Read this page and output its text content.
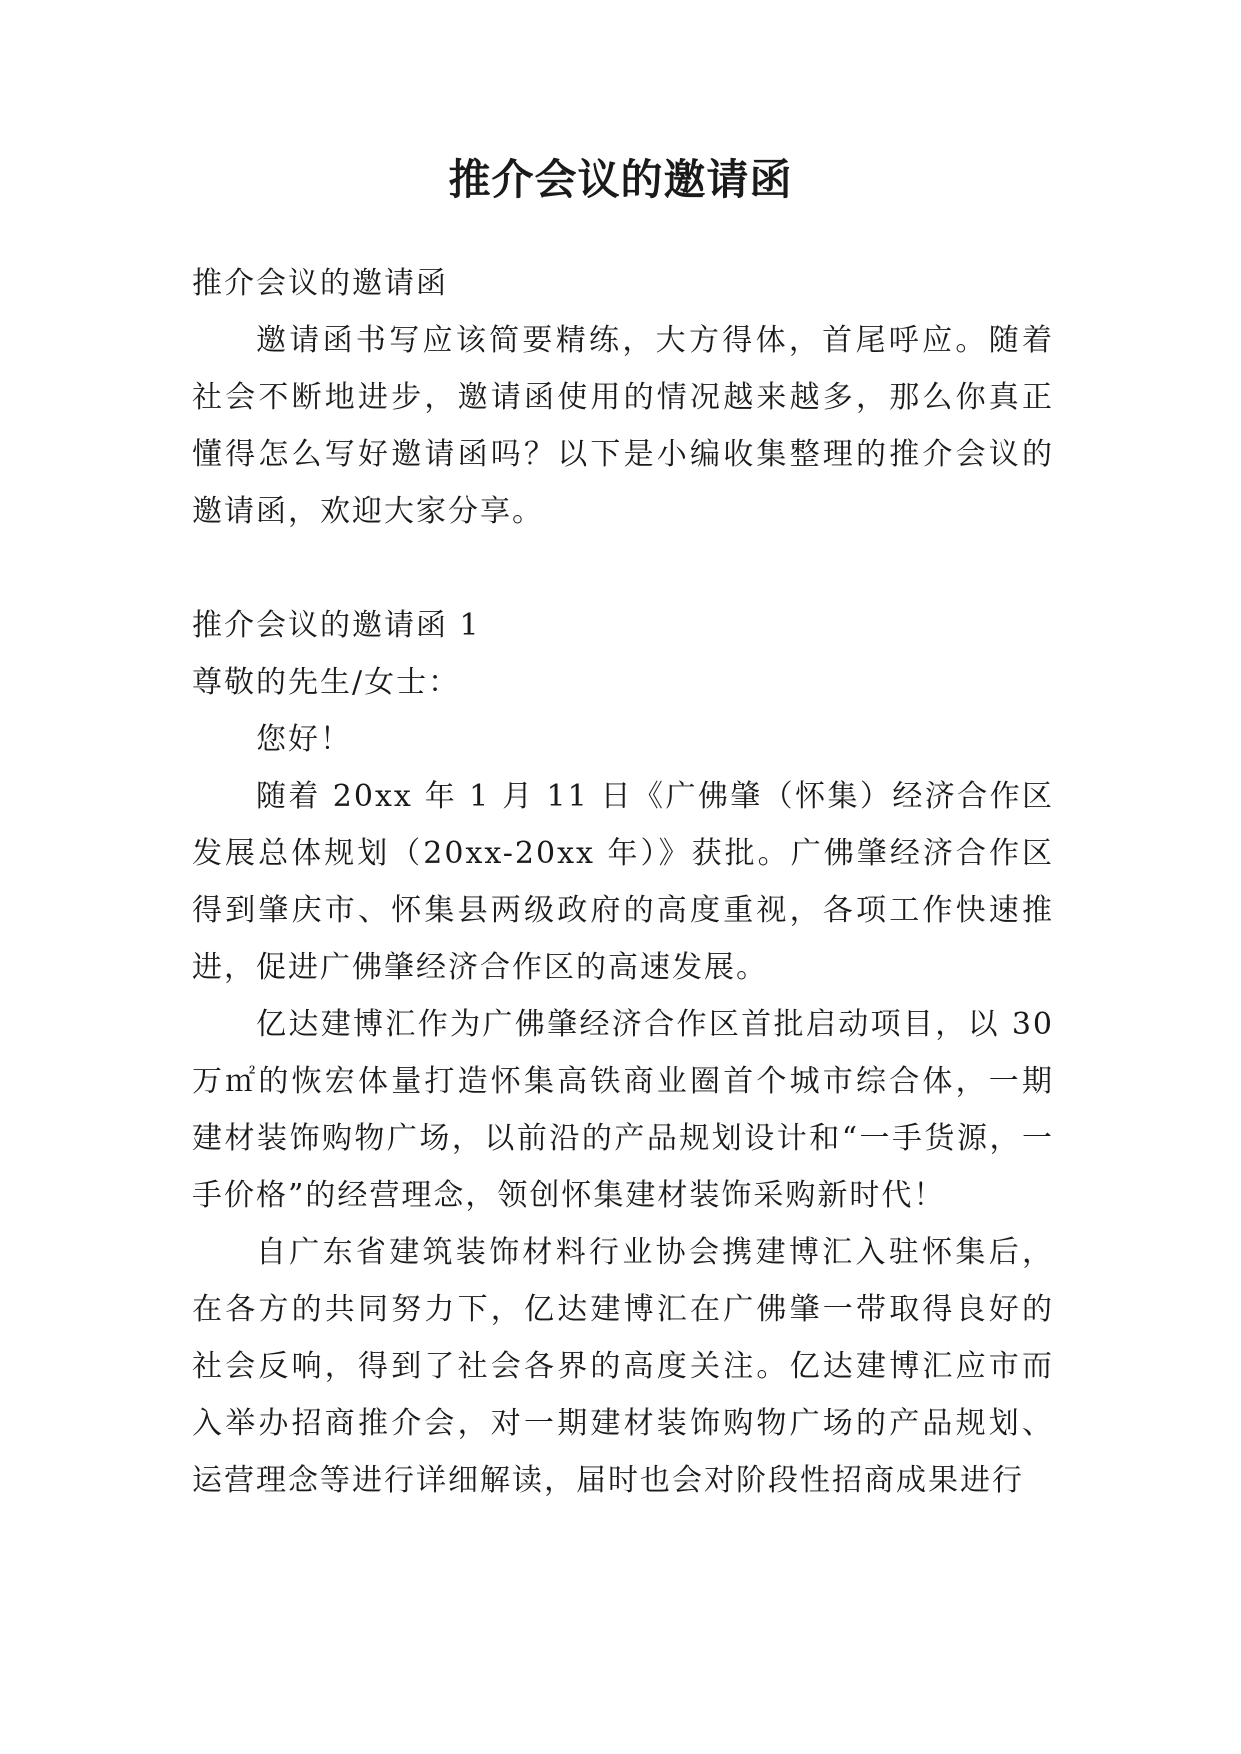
推介会议的邀请函

推介会议的邀请函

邀请函书写应该简要精练，大方得体，首尾呼应。随着社会不断地进步，邀请函使用的情况越来越多，那么你真正懂得怎么写好邀请函吗？以下是小编收集整理的推介会议的邀请函，欢迎大家分享。

推介会议的邀请函 1

尊敬的先生/女士：

您好！

随着 20xx 年 1 月 11 日《广佛肇（怀集）经济合作区发展总体规划（20xx-20xx 年）》获批。广佛肇经济合作区得到肇庆市、怀集县两级政府的高度重视，各项工作快速推进，促进广佛肇经济合作区的高速发展。

亿达建博汇作为广佛肇经济合作区首批启动项目，以 30 万㎡的恢宏体量打造怀集高铁商业圈首个城市综合体，一期建材装饰购物广场，以前沿的产品规划设计和“一手货源，一手价格”的经营理念，领创怀集建材装饰采购新时代！

自广东省建筑装饰材料行业协会携建博汇入驻怀集后，在各方的共同努力下，亿达建博汇在广佛肇一带取得良好的社会反响，得到了社会各界的高度关注。亿达建博汇应市而入举办招商推介会，对一期建材装饰购物广场的产品规划、运营理念等进行详细解读，届时也会对阶段性招商成果进行
